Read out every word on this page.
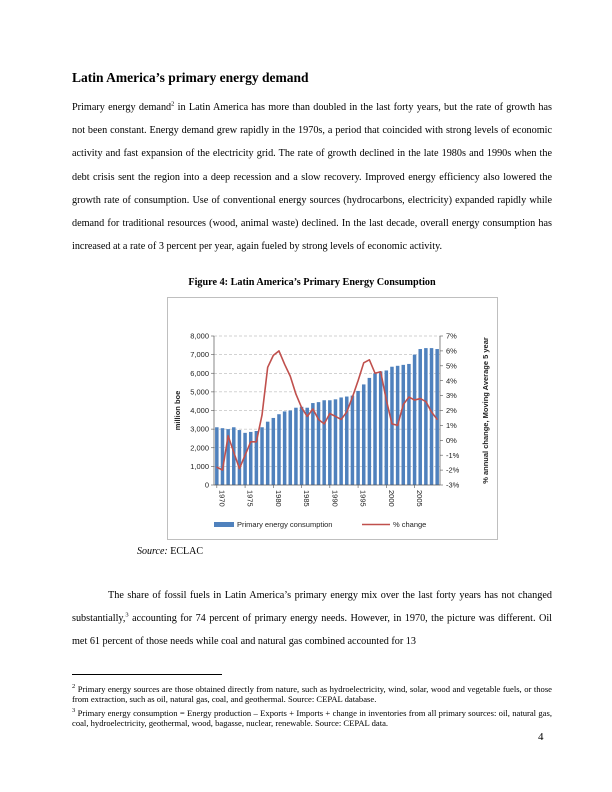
Latin America’s primary energy demand

Primary energy demand$^2$ in Latin America has more than doubled in the last forty years, but the rate of growth has not been constant. Energy demand grew rapidly in the 1970s, a period that coincided with strong levels of economic activity and fast expansion of the electricity grid. The rate of growth declined in the late 1980s and 1990s when the debt crisis sent the region into a deep recession and a slow recovery. Improved energy efficiency also lowered the growth rate of consumption. Use of conventional energy sources (hydrocarbons, electricity) expanded rapidly while demand for traditional resources (wood, animal waste) declined. In the last decade, overall energy consumption has increased at a rate of 3 percent per year, again fueled by strong levels of economic activity.

Figure 4: Latin America’s Primary Energy Consumption

0
1,000
2,000
3,000
4,000
5,000
6,000
7,000
8,000
-3%
-2%
-1%
0%
1%
2%
3%
4%
5%
6%
7%
1970	1975	1980	1985	1990	1995	2000	2005
million boe	% annual change, Moving Average 5 year
Primary energy consumption	% change

Source: ECLAC

The share of fossil fuels in Latin America’s primary energy mix over the last forty years has not changed substantially,$^3$ accounting for 74 percent of primary energy needs. However, in 1970, the picture was different. Oil met 61 percent of those needs while coal and natural gas combined accounted for 13

$^2$ Primary energy sources are those obtained directly from nature, such as hydroelectricity, wind, solar, wood and vegetable fuels, or those from extraction, such as oil, natural gas, coal, and geothermal. Source: CEPAL database.

$^3$ Primary energy consumption = Energy production – Exports + Imports + change in inventories from all primary sources: oil, natural gas, coal, hydroelectricity, geothermal, wood, bagasse, nuclear, renewable. Source: CEPAL data.

4
